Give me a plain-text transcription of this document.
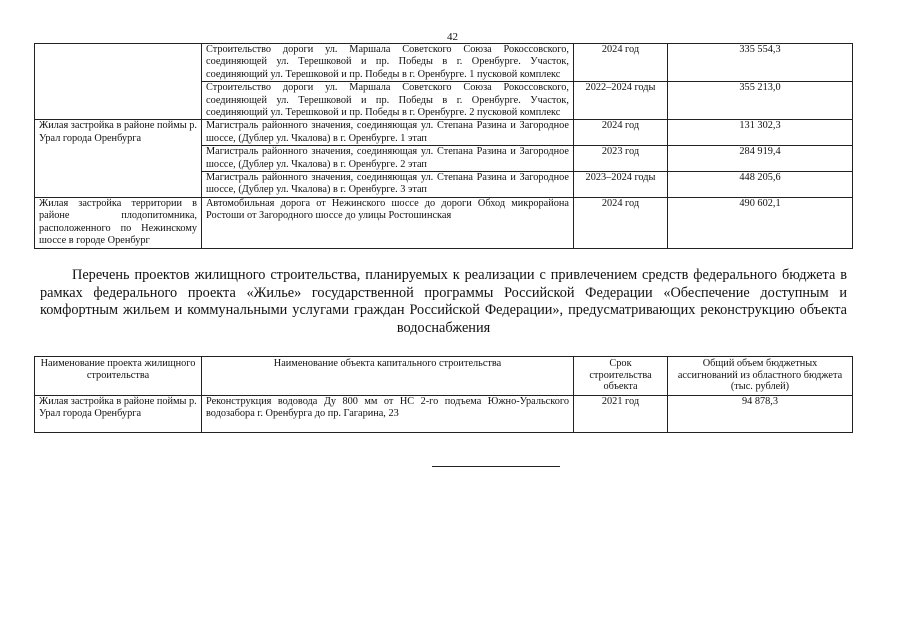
42
	Строительство дороги ул. Маршала Советского Союза Рокоссовского, соединяющей ул. Терешковой и пр. Победы в г. Оренбурге. Участок, соединяющий ул. Терешковой и пр. Победы в г. Оренбурге. 1 пусковой комплекс	2024 год	335 554,3
	Строительство дороги ул. Маршала Советского Союза Рокоссовского, соединяющей ул. Терешковой и пр. Победы в г. Оренбурге. Участок, соединяющий ул. Терешковой и пр. Победы в г. Оренбурге. 2 пусковой комплекс	2022–2024 годы	355 213,0
Жилая застройка в районе поймы р. Урал города Оренбурга	Магистраль районного значения, соединяющая ул. Степана Разина и Загородное шоссе, (Дублер ул. Чкалова) в г. Оренбурге. 1 этап	2024 год	131 302,3
	Магистраль районного значения, соединяющая ул. Степана Разина и Загородное шоссе, (Дублер ул. Чкалова) в г. Оренбурге. 2 этап	2023 год	284 919,4
	Магистраль районного значения, соединяющая ул. Степана Разина и Загородное шоссе, (Дублер ул. Чкалова) в г. Оренбурге. 3 этап	2023–2024 годы	448 205,6
Жилая застройка территории в районе плодопитомника, расположенного по Нежинскому шоссе в городе Оренбург	Автомобильная дорога от Нежинского шоссе до дороги Обход микрорайона Ростоши от Загородного шоссе до улицы Ростошинская	2024 год	490 602,1
Перечень проектов жилищного строительства, планируемых к реализации с привлечением средств федерального бюджета в рамках федерального проекта «Жилье» государственной программы Российской Федерации «Обеспечение доступным и комфортным жильем и коммунальными услугами граждан Российской Федерации», предусматривающих реконструкцию объекта водоснабжения
Наименование проекта жилищного строительства	Наименование объекта капитального строительства	Срок строительства объекта	Общий объем бюджетных ассигнований из областного бюджета (тыс. рублей)
Жилая застройка в районе поймы р. Урал города Оренбурга	Реконструкция водовода Ду 800 мм от НС 2-го подъема Южно-Уральского водозабора г. Оренбурга до пр. Гагарина, 23	2021 год	94 878,3
